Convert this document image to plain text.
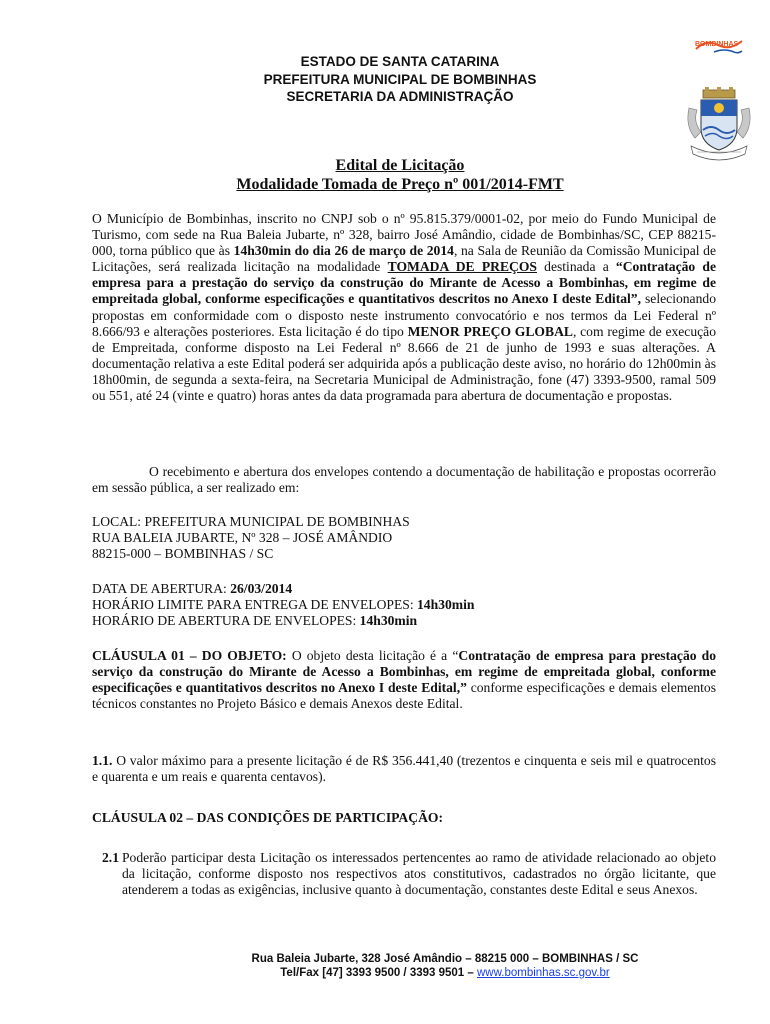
ESTADO DE SANTA CATARINA
PREFEITURA MUNICIPAL DE BOMBINHAS
SECRETARIA DA ADMINISTRAÇÃO
BOMBINHAS
Edital de Licitação
Modalidade Tomada de Preço nº 001/2014-FMT

O Município de Bombinhas, inscrito no CNPJ sob o nº 95.815.379/0001-02, por meio do Fundo Municipal de Turismo, com sede na Rua Baleia Jubarte, nº 328, bairro José Amândio, cidade de Bombinhas/SC, CEP 88215-000, torna público que às 14h30min do dia 26 de março de 2014, na Sala de Reunião da Comissão Municipal de Licitações, será realizada licitação na modalidade TOMADA DE PREÇOS destinada a “Contratação de empresa para a prestação do serviço da construção do Mirante de Acesso a Bombinhas, em regime de empreitada global, conforme especificações e quantitativos descritos no Anexo I deste Edital”, selecionando propostas em conformidade com o disposto neste instrumento convocatório e nos termos da Lei Federal nº 8.666/93 e alterações posteriores. Esta licitação é do tipo MENOR PREÇO GLOBAL, com regime de execução de Empreitada, conforme disposto na Lei Federal nº 8.666 de 21 de junho de 1993 e suas alterações. A documentação relativa a este Edital poderá ser adquirida após a publicação deste aviso, no horário do 12h00min às 18h00min, de segunda a sexta-feira, na Secretaria Municipal de Administração, fone (47) 3393-9500, ramal 509 ou 551, até 24 (vinte e quatro) horas antes da data programada para abertura de documentação e propostas.

O recebimento e abertura dos envelopes contendo a documentação de habilitação e propostas ocorrerão em sessão pública, a ser realizado em:

LOCAL: PREFEITURA MUNICIPAL DE BOMBINHAS
RUA BALEIA JUBARTE, Nº 328 – JOSÉ AMÂNDIO
88215-000 – BOMBINHAS / SC
DATA DE ABERTURA: 26/03/2014
HORÁRIO LIMITE PARA ENTREGA DE ENVELOPES: 14h30min
HORÁRIO DE ABERTURA DE ENVELOPES: 14h30min

CLÁUSULA 01 – DO OBJETO: O objeto desta licitação é a “Contratação de empresa para prestação do serviço da construção do Mirante de Acesso a Bombinhas, em regime de empreitada global, conforme especificações e quantitativos descritos no Anexo I deste Edital,” conforme especificações e demais elementos técnicos constantes no Projeto Básico e demais Anexos deste Edital.

1.1. O valor máximo para a presente licitação é de R$ 356.441,40 (trezentos e cinquenta e seis mil e quatrocentos e quarenta e um reais e quarenta centavos).

CLÁUSULA 02 – DAS CONDIÇÕES DE PARTICIPAÇÃO:

2.1 Poderão participar desta Licitação os interessados pertencentes ao ramo de atividade relacionado ao objeto da licitação, conforme disposto nos respectivos atos constitutivos, cadastrados no órgão licitante, que atenderem a todas as exigências, inclusive quanto à documentação, constantes deste Edital e seus Anexos.
Rua Baleia Jubarte, 328 José Amândio – 88215 000 – BOMBINHAS / SC
Tel/Fax [47] 3393 9500 / 3393 9501 – www.bombinhas.sc.gov.br
